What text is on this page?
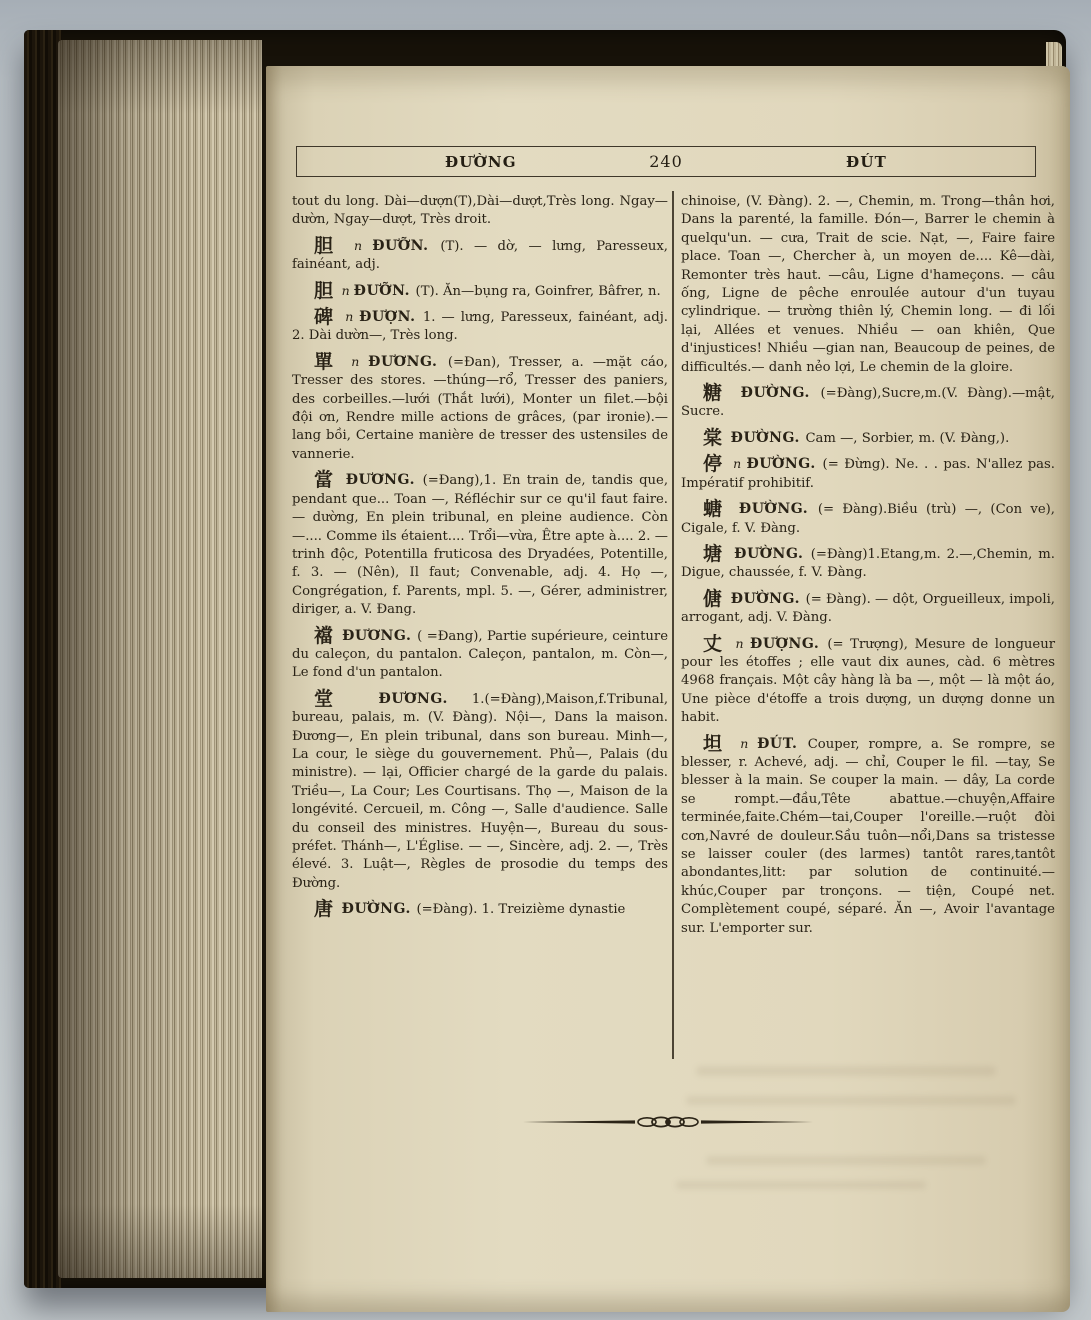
ĐƯỜNG	240	ĐÚT

tout du long. Dài—dượn(T),Dài—dượt,Très long. Ngay—dườn, Ngay—dượt, Très droit.

胆 n ĐƯỠN. (T). — dờ, — lưng, Paresseux, fainéant, adj.

胆 n ĐƯỠN. (T). Ăn—bụng ra, Goinfrer, Bâfrer, n.

碑 n ĐƯỢN. 1. — lưng, Paresseux, fainéant, adj. 2. Dài dườn—, Très long.

單 n ĐƯƠNG. (=Đan), Tresser, a. —mặt cáo, Tresser des stores. —thúng—rổ, Tresser des paniers, des corbeilles.—lưới (Thắt lưới), Monter un filet.—bội đội ơn, Rendre mille actions de grâces, (par ironie).—lang bồi, Certaine manière de tresser des ustensiles de vannerie.

當 ĐƯƠNG. (=Đang),1. En train de, tandis que, pendant que... Toan —, Réfléchir sur ce qu'il faut faire. — dường, En plein tribunal, en pleine audience. Còn —.... Comme ils étaient.... Trổi—vừa, Être apte à.... 2. —trinh độc, Potentilla fruticosa des Dryadées, Potentille, f. 3. — (Nên), Il faut; Convenable, adj. 4. Họ —, Congrégation, f. Parents, mpl. 5. —, Gérer, administrer, diriger, a. V. Đang.

襠 ĐƯƠNG. ( =Đang), Partie supérieure, ceinture du caleçon, du pantalon. Caleçon, pantalon, m. Còn—, Le fond d'un pantalon.

堂 ĐƯƠNG. 1.(=Đàng),Maison,f.Tribunal, bureau, palais, m. (V. Đàng). Nội—, Dans la maison. Đương—, En plein tribunal, dans son bureau. Minh—, La cour, le siège du gouvernement. Phủ—, Palais (du ministre). — lại, Officier chargé de la garde du palais. Triều—, La Cour; Les Courtisans. Thọ —, Maison de la longévité. Cercueil, m. Công —, Salle d'audience. Salle du conseil des ministres. Huyện—, Bureau du sous-préfet. Thánh—, L'Église. — —, Sincère, adj. 2. —, Très élevé. 3. Luật—, Règles de prosodie du temps des Đường.

唐 ĐƯỜNG. (=Đàng). 1. Treizième dynastie

chinoise, (V. Đàng). 2. —, Chemin, m. Trong—thân hơi, Dans la parenté, la famille. Đón—, Barrer le chemin à quelqu'un. — cưa, Trait de scie. Nạt, —, Faire faire place. Toan —, Chercher à, un moyen de.... Kê—dài, Remonter très haut. —câu, Ligne d'hameçons. — câu ống, Ligne de pêche enroulée autour d'un tuyau cylindrique. — trường thiên lý, Chemin long. — đi lối lại, Allées et venues. Nhiều — oan khiên, Que d'injustices! Nhiều —gian nan, Beaucoup de peines, de difficultés.— danh nẻo lợi, Le chemin de la gloire.

糖 ĐƯỜNG. (=Đàng),Sucre,m.(V. Đàng).—mật, Sucre.

棠 ĐƯỜNG. Cam —, Sorbier, m. (V. Đàng,).

停 n ĐƯỜNG. (= Đừng). Ne. . . pas. N'allez pas. Impératif prohibitif.

螗 ĐƯỜNG. (= Đàng).Biều (trù) —, (Con ve), Cigale, f. V. Đàng.

塘 ĐƯỜNG. (=Đàng)1.Etang,m. 2.—,Chemin, m. Digue, chaussée, f. V. Đàng.

傏 ĐƯỜNG. (= Đàng). — dột, Orgueilleux, impoli, arrogant, adj. V. Đàng.

丈 n ĐƯỢNG. (= Trượng), Mesure de longueur pour les étoffes ; elle vaut dix aunes, càd. 6 mètres 4968 français. Một cây hàng là ba —, một — là một áo, Une pièce d'étoffe a trois dượng, un dượng donne un habit.

坦 n ĐÚT. Couper, rompre, a. Se rompre, se blesser, r. Achevé, adj. — chỉ, Couper le fil. —tay, Se blesser à la main. Se couper la main. — dây, La corde se rompt.—đầu,Tête abattue.—chuyện,Affaire terminée,faite.Chém—tai,Couper l'oreille.—ruột đòi cơn,Navré de douleur.Sầu tuôn—nổi,Dans sa tristesse se laisser couler (des larmes) tantôt rares,tantôt abondantes,litt: par solution de continuité.—khúc,Couper par tronçons. — tiện, Coupé net. Complètement coupé, séparé. Ăn —, Avoir l'avantage sur. L'emporter sur.
